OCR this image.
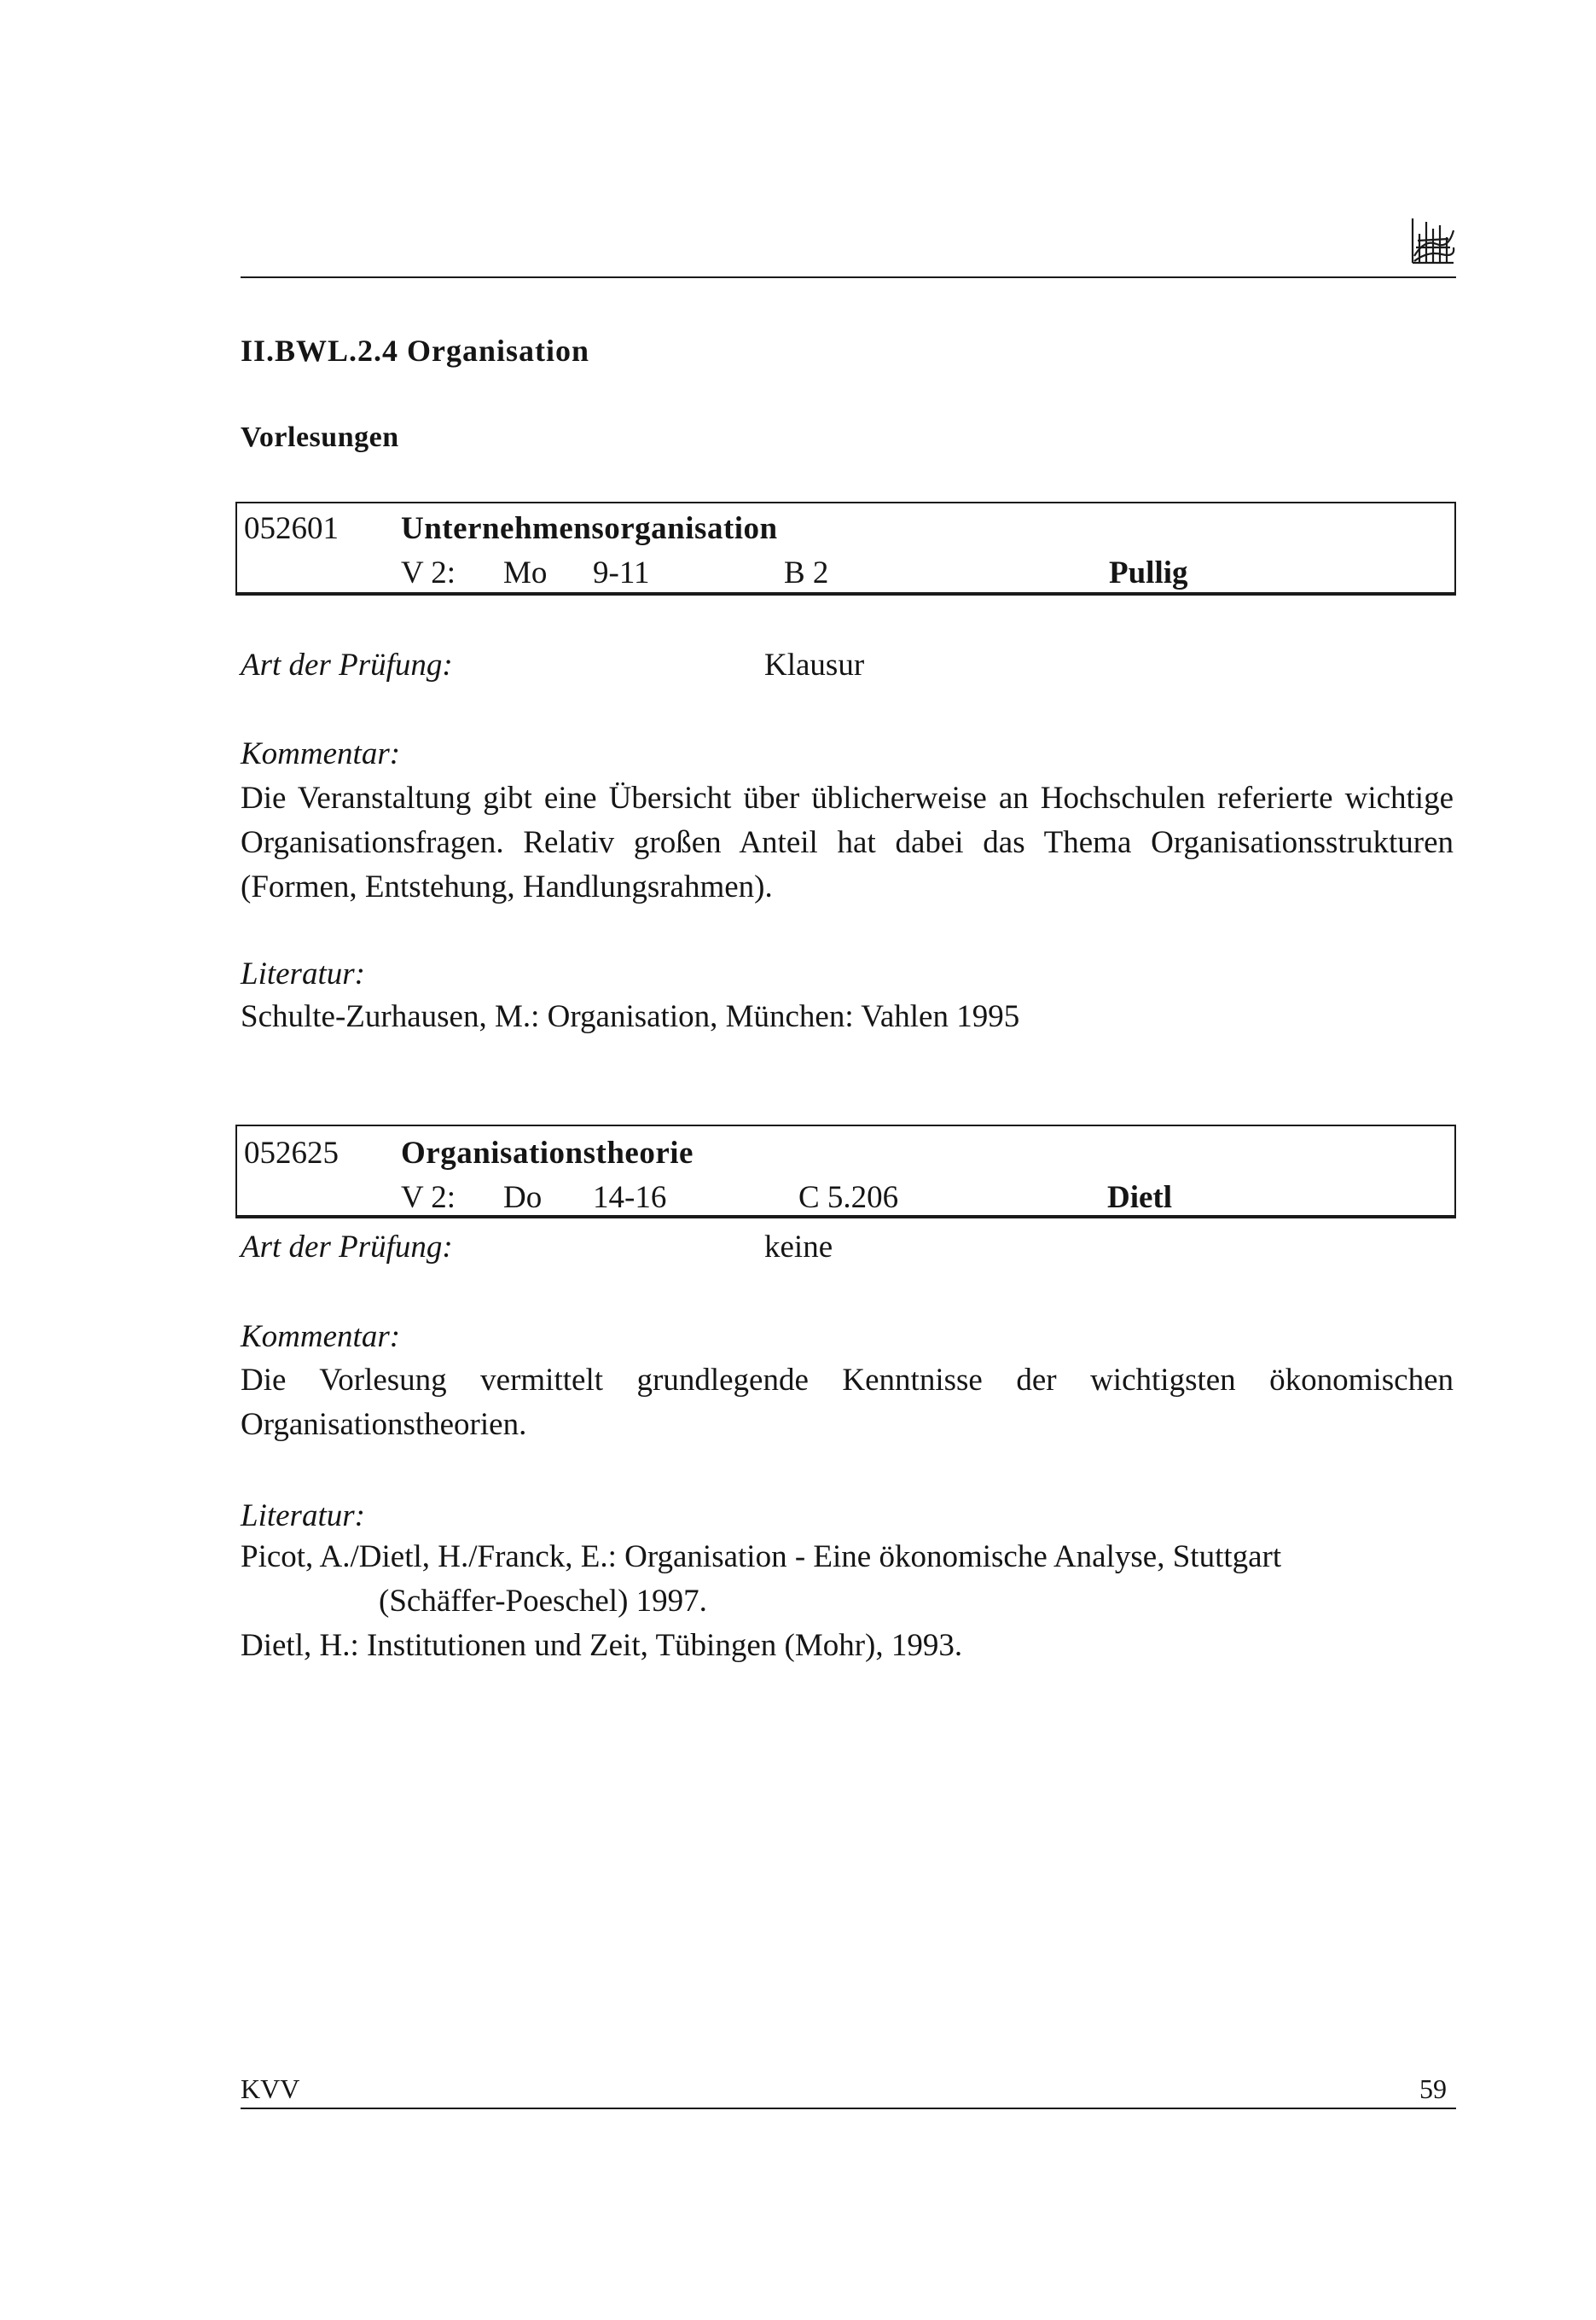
II.BWL.2.4 Organisation
Vorlesungen
052601 Unternehmensorganisation
V 2: Mo 9-11	B 2	Pullig
Art der Prüfung:	Klausur
Kommentar:
Die Veranstaltung gibt eine Übersicht über üblicherweise an Hochschulen referierte wichtige Organisationsfragen. Relativ großen Anteil hat dabei das Thema Organisationsstrukturen (Formen, Entstehung, Handlungsrahmen).
Literatur:
Schulte-Zurhausen, M.: Organisation, München: Vahlen 1995
052625 Organisationstheorie
V 2: Do 14-16	C 5.206	Dietl
Art der Prüfung:	keine
Kommentar:
Die Vorlesung vermittelt grundlegende Kenntnisse der wichtigsten ökonomischen Organisationstheorien.
Literatur:
Picot, A./Dietl, H./Franck, E.: Organisation - Eine ökonomische Analyse, Stuttgart
(Schäffer-Poeschel) 1997.
Dietl, H.: Institutionen und Zeit, Tübingen (Mohr), 1993.
KVV	59
